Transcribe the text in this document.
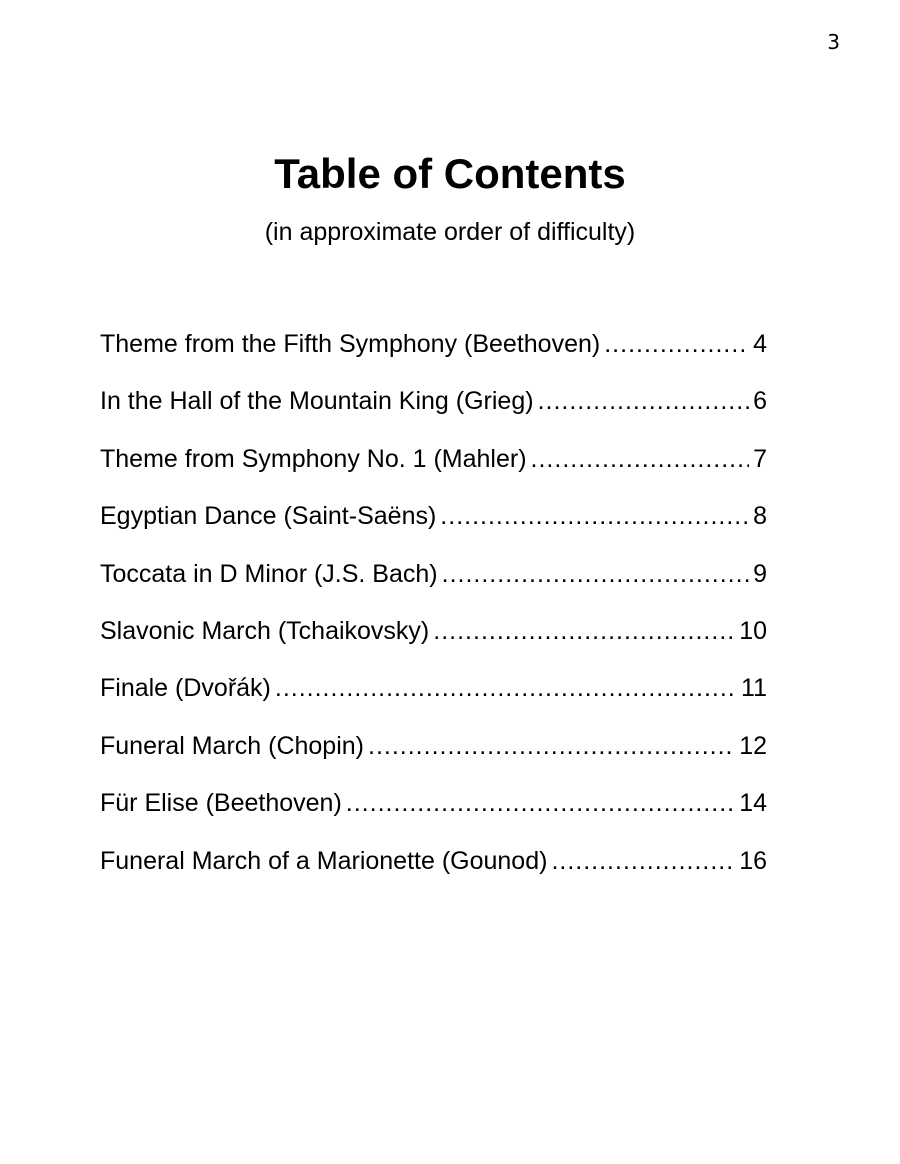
3
Table of Contents
(in approximate order of difficulty)
Theme from the Fifth Symphony (Beethoven) .....	4
In the Hall of the Mountain King (Grieg) .....	6
Theme from Symphony No. 1 (Mahler) .....	7
Egyptian Dance (Saint-Saëns) .....	8
Toccata in D Minor (J.S. Bach) .....	9
Slavonic March (Tchaikovsky) .....	10
Finale (Dvořák) .....	11
Funeral March (Chopin) .....	12
Für Elise (Beethoven) .....	14
Funeral March of a Marionette (Gounod) .....	16
